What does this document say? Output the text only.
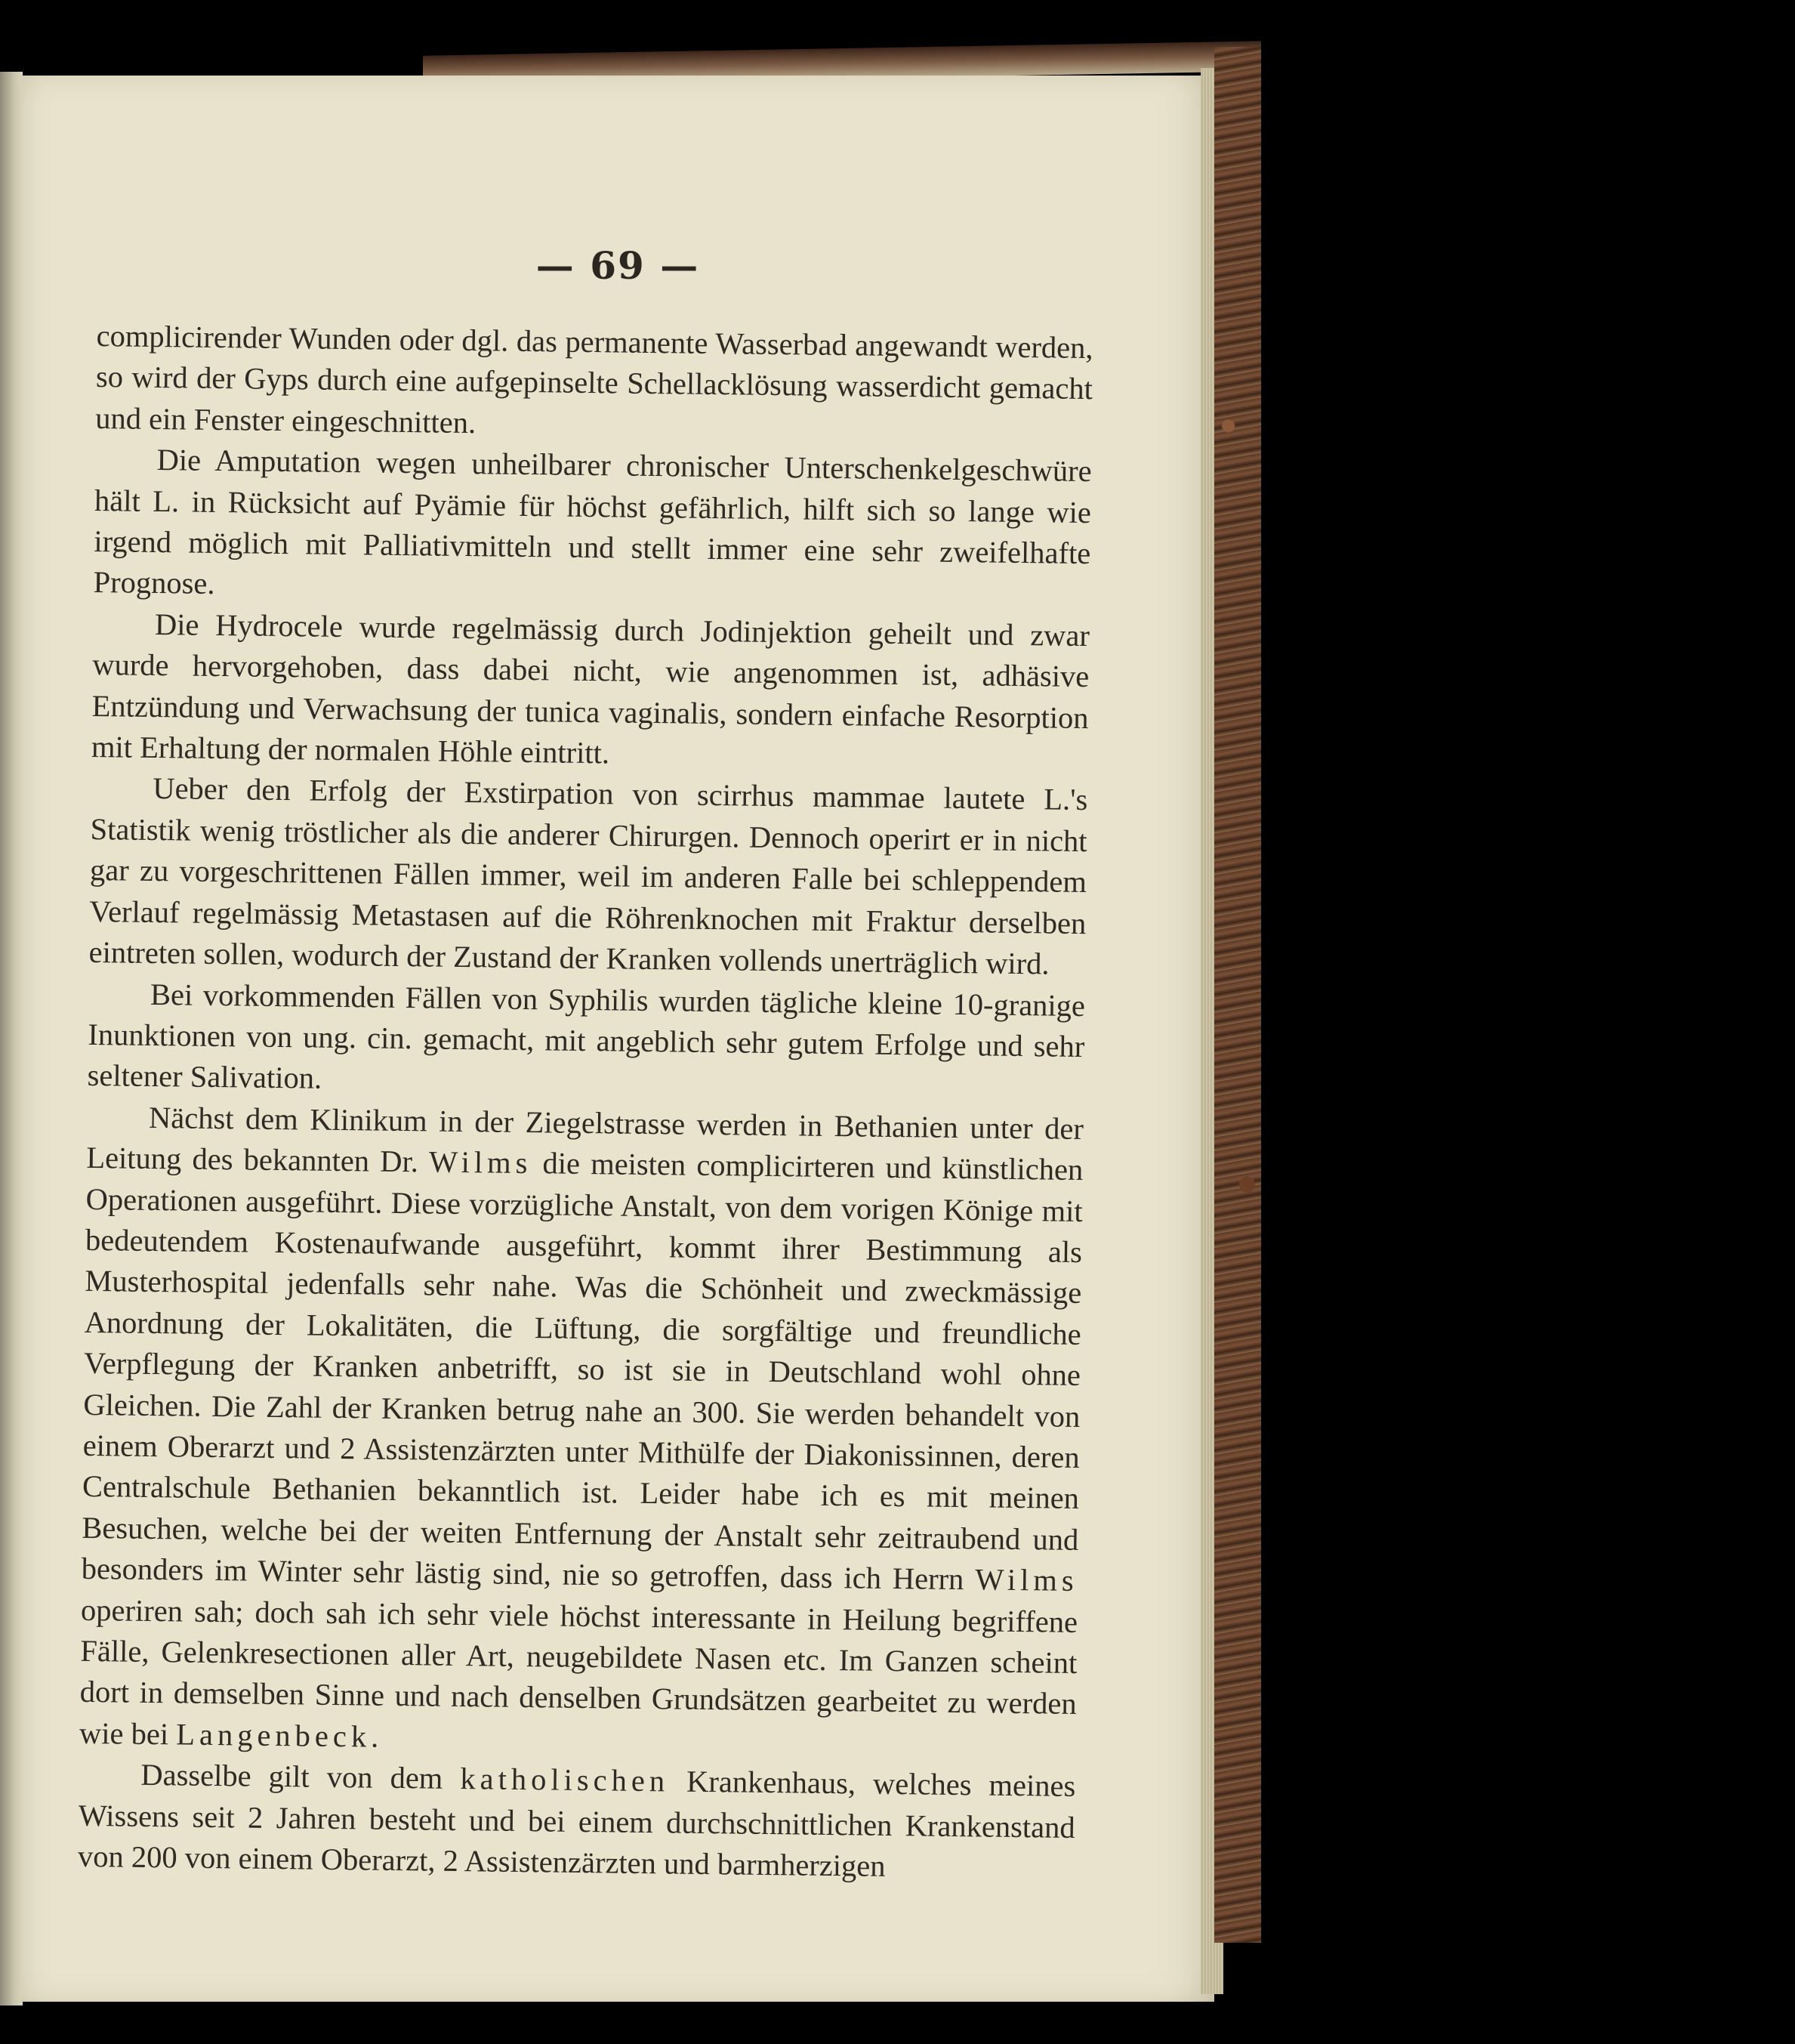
— 69 —

complicirender Wunden oder dgl. das permanente Wasserbad angewandt werden, so wird der Gyps durch eine aufgepinselte Schellacklösung wasserdicht gemacht und ein Fenster eingeschnitten.

Die Amputation wegen unheilbarer chronischer Unterschenkelgeschwüre hält L. in Rücksicht auf Pyämie für höchst gefährlich, hilft sich so lange wie irgend möglich mit Palliativmitteln und stellt immer eine sehr zweifelhafte Prognose.

Die Hydrocele wurde regelmässig durch Jodinjektion geheilt und zwar wurde hervorgehoben, dass dabei nicht, wie angenommen ist, adhäsive Entzündung und Verwachsung der tunica vaginalis, sondern einfache Resorption mit Erhaltung der normalen Höhle eintritt.

Ueber den Erfolg der Exstirpation von scirrhus mammae lautete L.'s Statistik wenig tröstlicher als die anderer Chirurgen. Dennoch operirt er in nicht gar zu vorgeschrittenen Fällen immer, weil im anderen Falle bei schleppendem Verlauf regelmässig Metastasen auf die Röhrenknochen mit Fraktur derselben eintreten sollen, wodurch der Zustand der Kranken vollends unerträglich wird.

Bei vorkommenden Fällen von Syphilis wurden tägliche kleine 10-granige Inunktionen von ung. cin. gemacht, mit angeblich sehr gutem Erfolge und sehr seltener Salivation.

Nächst dem Klinikum in der Ziegelstrasse werden in Bethanien unter der Leitung des bekannten Dr. Wilms die meisten complicirteren und künstlichen Operationen ausgeführt. Diese vorzügliche Anstalt, von dem vorigen Könige mit bedeutendem Kostenaufwande ausgeführt, kommt ihrer Bestimmung als Musterhospital jedenfalls sehr nahe. Was die Schönheit und zweckmässige Anordnung der Lokalitäten, die Lüftung, die sorgfältige und freundliche Verpflegung der Kranken anbetrifft, so ist sie in Deutschland wohl ohne Gleichen. Die Zahl der Kranken betrug nahe an 300. Sie werden behandelt von einem Oberarzt und 2 Assistenzärzten unter Mithülfe der Diakonissinnen, deren Centralschule Bethanien bekanntlich ist. Leider habe ich es mit meinen Besuchen, welche bei der weiten Entfernung der Anstalt sehr zeitraubend und besonders im Winter sehr lästig sind, nie so getroffen, dass ich Herrn Wilms operiren sah; doch sah ich sehr viele höchst interessante in Heilung begriffene Fälle, Gelenkresectionen aller Art, neugebildete Nasen etc. Im Ganzen scheint dort in demselben Sinne und nach denselben Grundsätzen gearbeitet zu werden wie bei Langenbeck.

Dasselbe gilt von dem katholischen Krankenhaus, welches meines Wissens seit 2 Jahren besteht und bei einem durchschnittlichen Krankenstand von 200 von einem Oberarzt, 2 Assistenzärzten und barmherzigen
